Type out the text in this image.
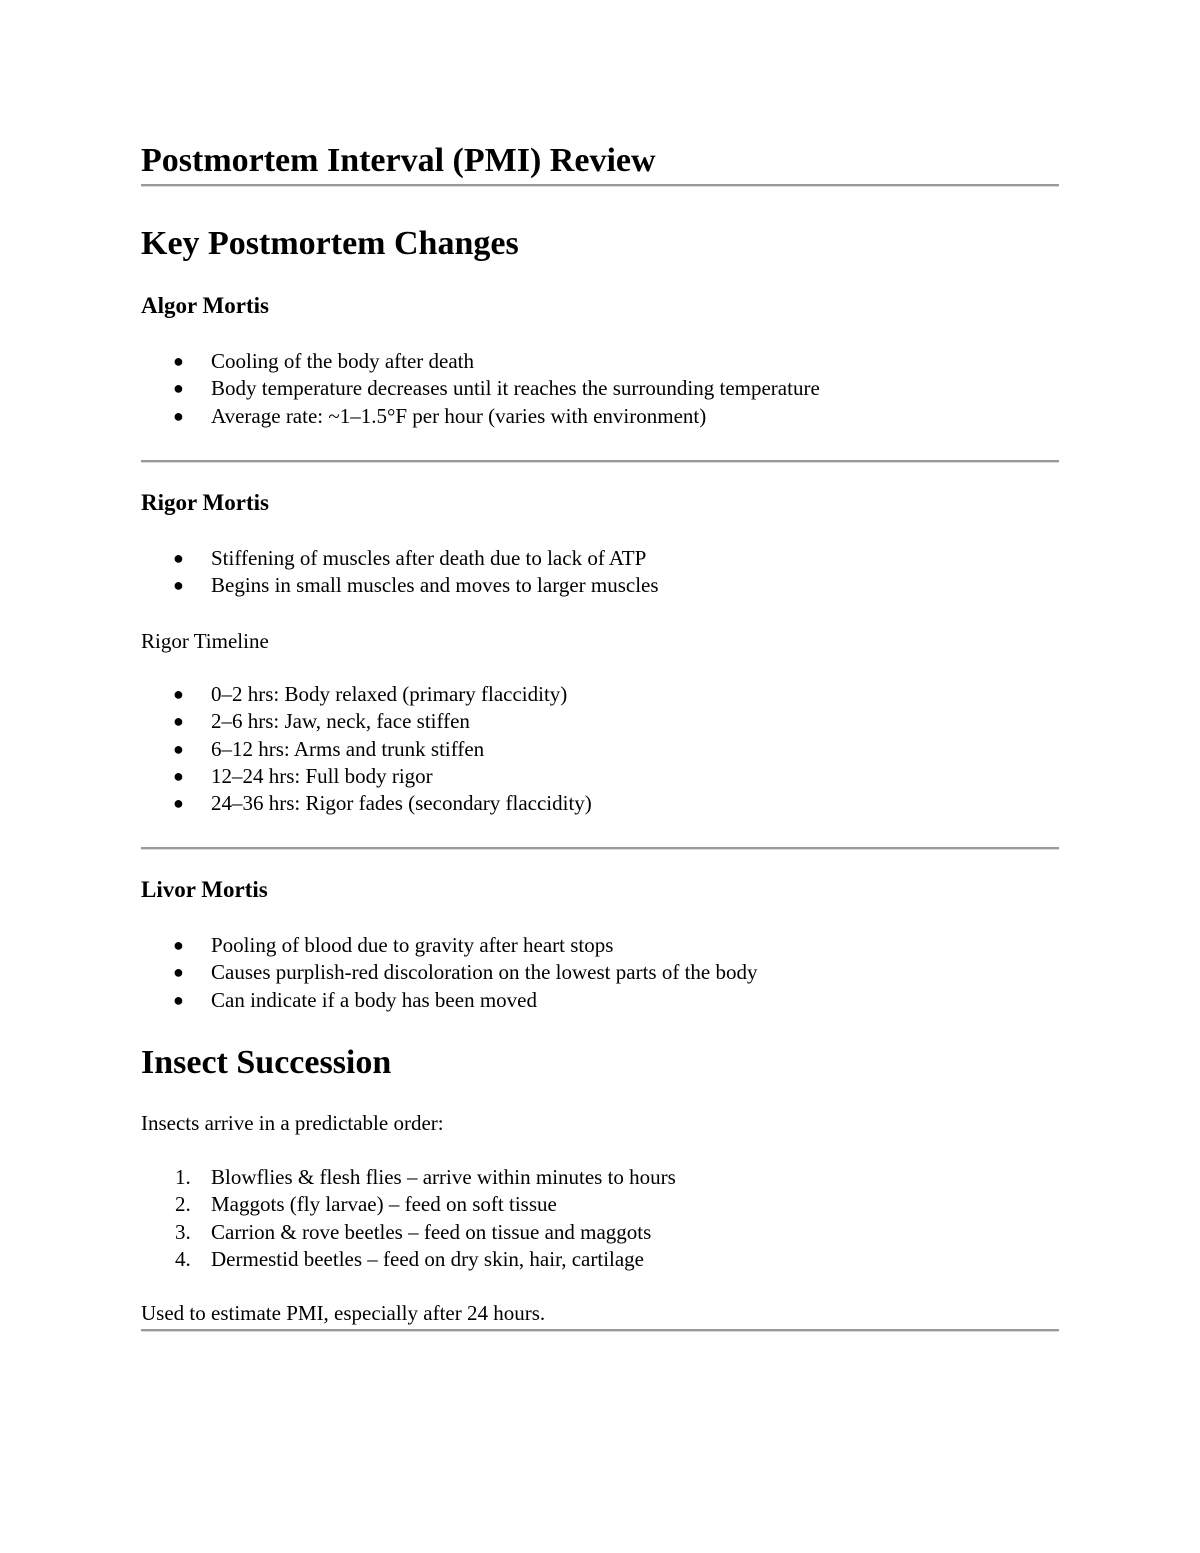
Postmortem Interval (PMI) Review
Key Postmortem Changes
Algor Mortis
● Cooling of the body after death
● Body temperature decreases until it reaches the surrounding temperature
● Average rate: ~1–1.5°F per hour (varies with environment)
Rigor Mortis
● Stiffening of muscles after death due to lack of ATP
● Begins in small muscles and moves to larger muscles

Rigor Timeline

● 0–2 hrs: Body relaxed (primary flaccidity)
● 2–6 hrs: Jaw, neck, face stiffen
● 6–12 hrs: Arms and trunk stiffen
● 12–24 hrs: Full body rigor
● 24–36 hrs: Rigor fades (secondary flaccidity)
Livor Mortis
● Pooling of blood due to gravity after heart stops
● Causes purplish-red discoloration on the lowest parts of the body
● Can indicate if a body has been moved
Insect Succession

Insects arrive in a predictable order:

1. Blowflies & flesh flies – arrive within minutes to hours
2. Maggots (fly larvae) – feed on soft tissue
3. Carrion & rove beetles – feed on tissue and maggots
4. Dermestid beetles – feed on dry skin, hair, cartilage

Used to estimate PMI, especially after 24 hours.
